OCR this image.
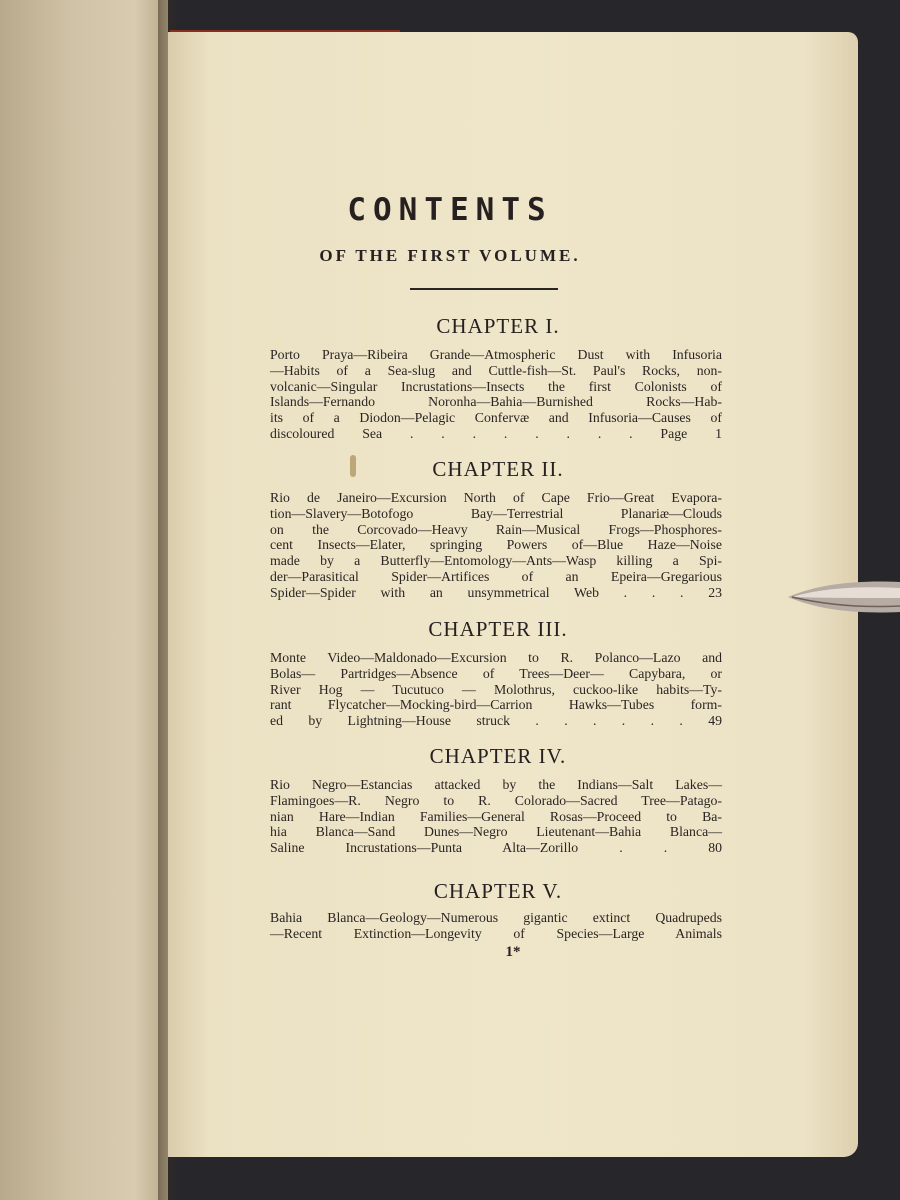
CONTENTS
OF THE FIRST VOLUME.
CHAPTER I.
Porto Praya—Ribeira Grande—Atmospheric Dust with Infusoria
—Habits of a Sea-slug and Cuttle-fish—St. Paul's Rocks, non-
volcanic—Singular Incrustations—Insects the first Colonists of
Islands—Fernando Noronha—Bahia—Burnished Rocks—Hab-
its of a Diodon—Pelagic Confervæ and Infusoria—Causes of
discoloured Sea . . . . . . . . Page 1
CHAPTER II.
Rio de Janeiro—Excursion North of Cape Frio—Great Evapora-
tion—Slavery—Botofogo Bay—Terrestrial Planariæ—Clouds
on the Corcovado—Heavy Rain—Musical Frogs—Phosphores-
cent Insects—Elater, springing Powers of—Blue Haze—Noise
made by a Butterfly—Entomology—Ants—Wasp killing a Spi-
der—Parasitical Spider—Artifices of an Epeira—Gregarious
Spider—Spider with an unsymmetrical Web . . . 23
CHAPTER III.
Monte Video—Maldonado—Excursion to R. Polanco—Lazo and
Bolas— Partridges—Absence of Trees—Deer— Capybara, or
River Hog — Tucutuco — Molothrus, cuckoo-like habits—Ty-
rant Flycatcher—Mocking-bird—Carrion Hawks—Tubes form-
ed by Lightning—House struck . . . . . . 49
CHAPTER IV.
Rio Negro—Estancias attacked by the Indians—Salt Lakes—
Flamingoes—R. Negro to R. Colorado—Sacred Tree—Patago-
nian Hare—Indian Families—General Rosas—Proceed to Ba-
hia Blanca—Sand Dunes—Negro Lieutenant—Bahia Blanca—
Saline Incrustations—Punta Alta—Zorillo . . 80
CHAPTER V.
Bahia Blanca—Geology—Numerous gigantic extinct Quadrupeds
—Recent Extinction—Longevity of Species—Large Animals
1*
